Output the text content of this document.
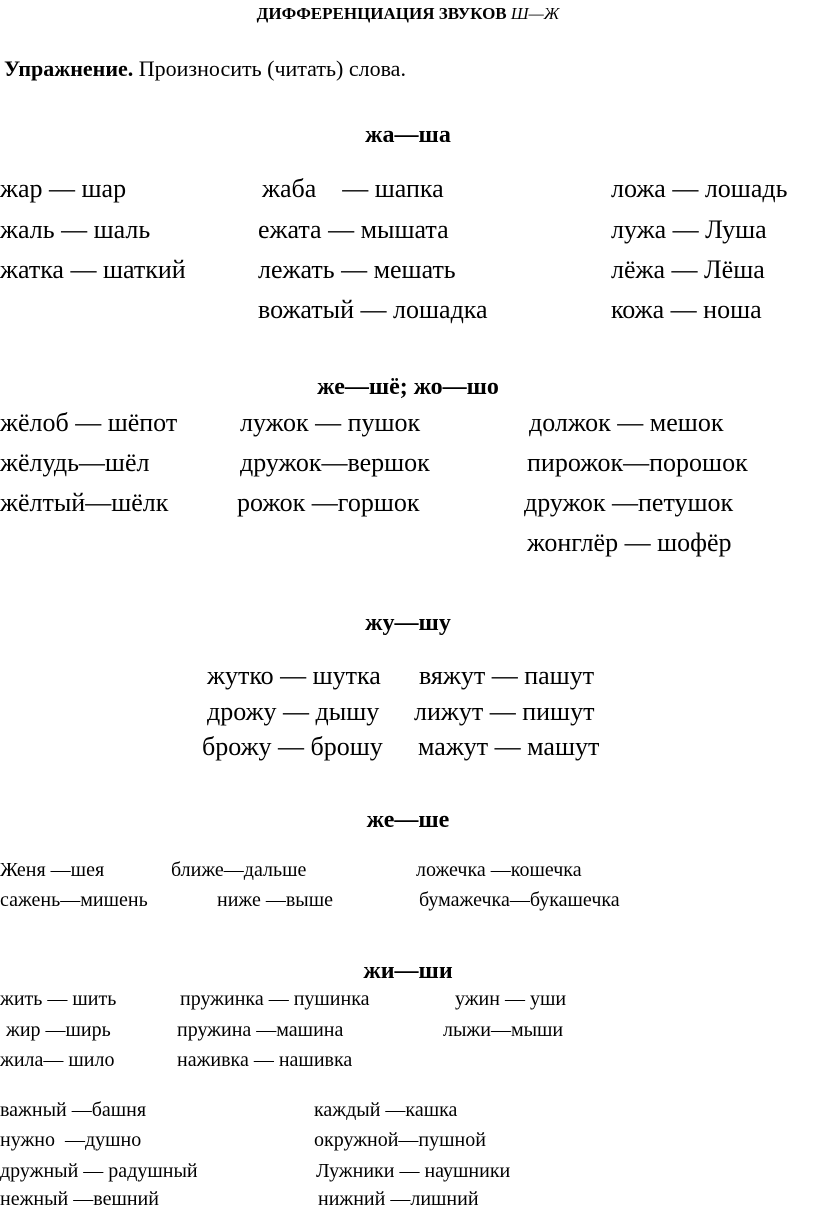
ДИФФЕРЕНЦИАЦИЯ ЗВУКОВ Ш—Ж
Упражнение. Произносить (читать) слова.
жа—ша
жар — шар
жаль — шаль
жатка — шаткий
жаба    — шапка
ежата — мышата
лежать — мешать
вожатый — лошадка
ложа — лошадь
лужа — Луша
лёжа — Лёша
кожа — ноша
же—шё; жо—шо
жёлоб — шёпот
жёлудь—шёл
жёлтый—шёлк
лужок — пушок
дружок—вершок
рожок —горшок
должок — мешок
пирожок—порошок
дружок —петушок
жонглёр — шофёр
жу—шу
жутко — шутка
дрожу — дышу
брожу — брошу
вяжут — пашут
лижут — пишут
мажут — машут
же—ше
Женя —шея
сажень—мишень
ближе—дальше
ниже —выше
ложечка —кошечка
бумажечка—букашечка
жи—ши
жить — шить
жир —ширь
жила— шило
пружинка — пушинка
пружина —машина
наживка — нашивка
ужин — уши
лыжи—мыши
важный —башня
нужно  —душно
дружный — радушный
нежный —вешний
каждый —кашка
окружной—пушной
Лужники — наушники
нижний —лишний
